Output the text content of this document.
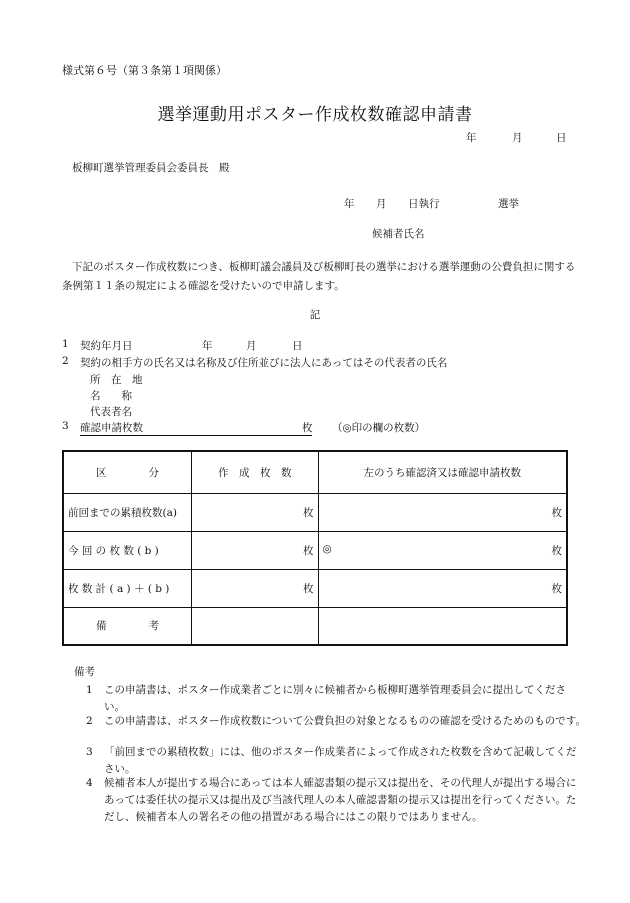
様式第６号（第３条第１項関係）
選挙運動用ポスター作成枚数確認申請書
年	月	日
板柳町選挙管理委員会委員長　殿
年 月 日執行	選挙
候補者氏名
下記のポスター作成枚数につき、板柳町議会議員及び板柳町長の選挙における選挙運動の公費負担に関する条例第１１条の規定による確認を受けたいので申請します。
記
1 契約年月日	年	月	日
2 契約の相手方の氏名又は名称及び住所並びに法人にあってはその代表者の氏名
所　在　地
名　　称
代表者名
3 確認申請枚数	枚 （◎印の欄の枚数）
区　　　　分	作　成　枚　数	左のうち確認済又は確認申請枚数
前回までの累積枚数(a)	枚	枚

今 回 の 枚 数 ( b )	枚	◎ 枚

枚 数 計 ( a ) ＋ ( b )	枚	枚

備　　　　考		
備考
1 この申請書は、ポスター作成業者ごとに別々に候補者から板柳町選挙管理委員会に提出してください。
2 この申請書は、ポスター作成枚数について公費負担の対象となるものの確認を受けるためのものです。
3 「前回までの累積枚数」には、他のポスター作成業者によって作成された枚数を含めて記載してください。
4 候補者本人が提出する場合にあっては本人確認書類の提示又は提出を、その代理人が提出する場合にあっては委任状の提示又は提出及び当該代理人の本人確認書類の提示又は提出を行ってください。ただし、候補者本人の署名その他の措置がある場合にはこの限りではありません。
